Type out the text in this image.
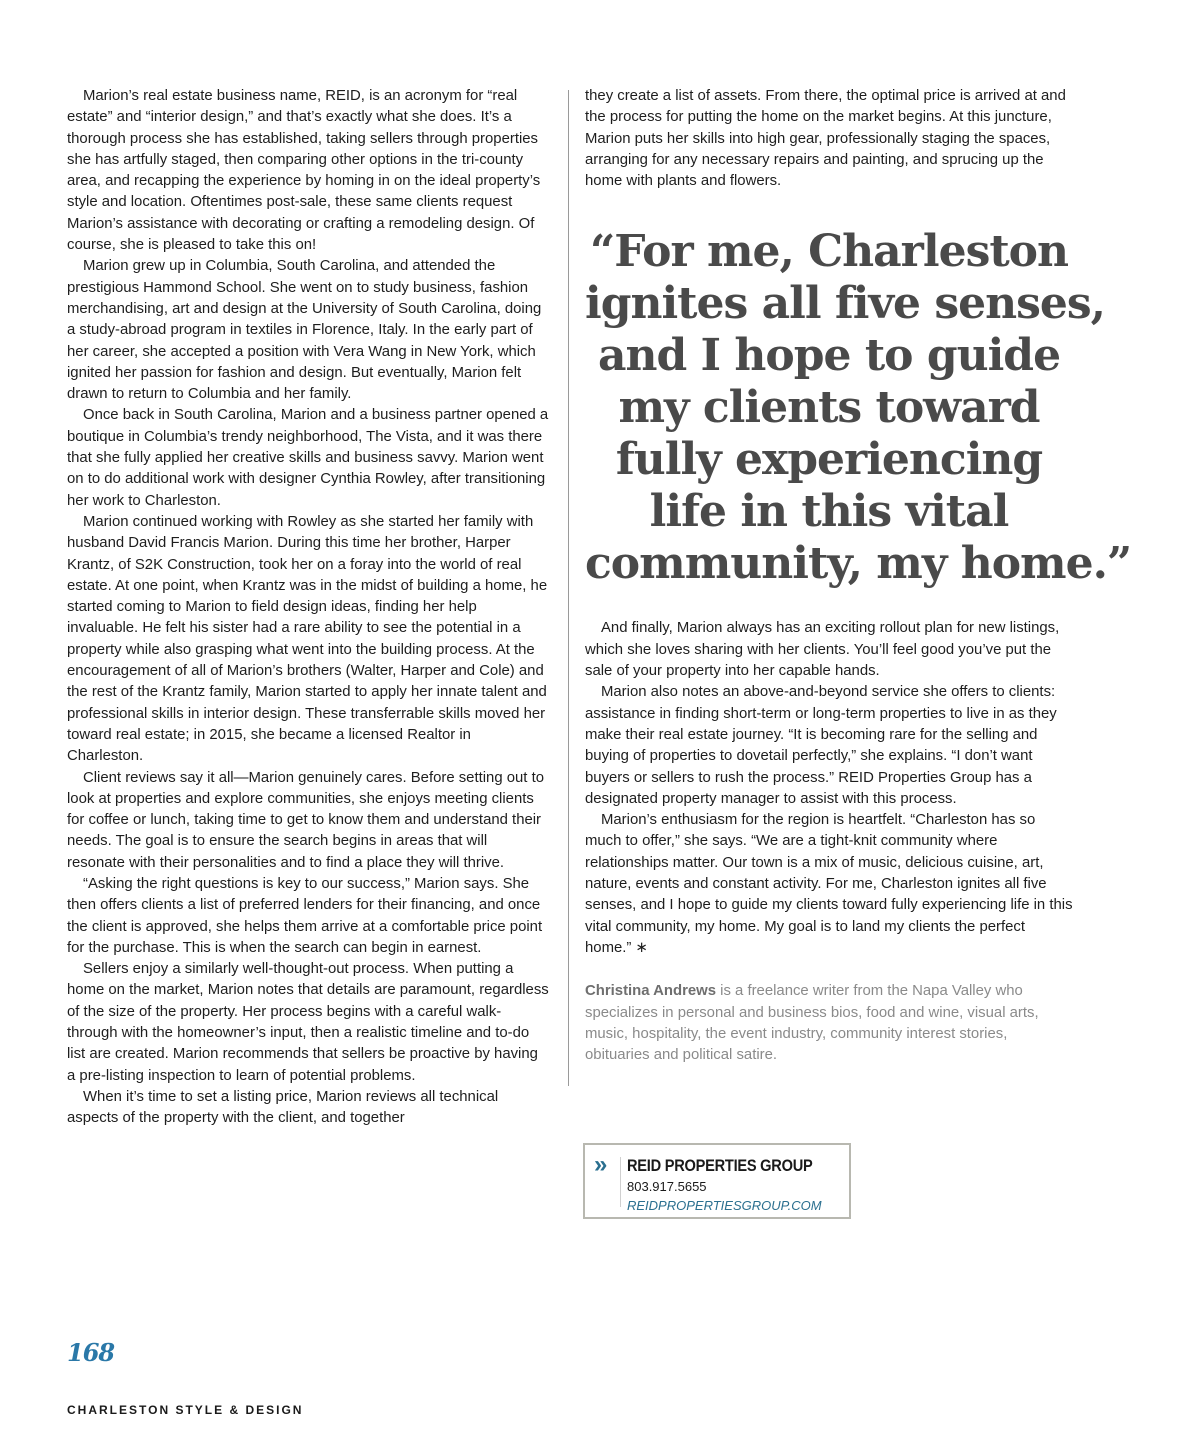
Marion’s real estate business name, REID, is an acronym for “real estate” and “interior design,” and that’s exactly what she does. It’s a thorough process she has established, taking sellers through properties she has artfully staged, then comparing other options in the tri-county area, and recapping the experience by homing in on the ideal property’s style and location. Oftentimes post-sale, these same clients request Marion’s assistance with decorating or crafting a remodeling design. Of course, she is pleased to take this on!

Marion grew up in Columbia, South Carolina, and attended the prestigious Hammond School. She went on to study business, fashion merchandising, art and design at the University of South Carolina, doing a study-abroad program in textiles in Florence, Italy. In the early part of her career, she accepted a position with Vera Wang in New York, which ignited her passion for fashion and design. But eventually, Marion felt drawn to return to Columbia and her family.

Once back in South Carolina, Marion and a business partner opened a boutique in Columbia’s trendy neighborhood, The Vista, and it was there that she fully applied her creative skills and business savvy. Marion went on to do additional work with designer Cynthia Rowley, after transitioning her work to Charleston.

Marion continued working with Rowley as she started her family with husband David Francis Marion. During this time her brother, Harper Krantz, of S2K Construction, took her on a foray into the world of real estate. At one point, when Krantz was in the midst of building a home, he started coming to Marion to field design ideas, finding her help invaluable. He felt his sister had a rare ability to see the potential in a property while also grasping what went into the building process. At the encouragement of all of Marion’s brothers (Walter, Harper and Cole) and the rest of the Krantz family, Marion started to apply her innate talent and professional skills in interior design. These transferrable skills moved her toward real estate; in 2015, she became a licensed Realtor in Charleston.

Client reviews say it all—Marion genuinely cares. Before setting out to look at properties and explore communities, she enjoys meeting clients for coffee or lunch, taking time to get to know them and understand their needs. The goal is to ensure the search begins in areas that will resonate with their personalities and to find a place they will thrive.

“Asking the right questions is key to our success,” Marion says. She then offers clients a list of preferred lenders for their financing, and once the client is approved, she helps them arrive at a comfortable price point for the purchase. This is when the search can begin in earnest.

Sellers enjoy a similarly well-thought-out process. When putting a home on the market, Marion notes that details are paramount, regardless of the size of the property. Her process begins with a careful walk-through with the homeowner’s input, then a realistic timeline and to-do list are created. Marion recommends that sellers be proactive by having a pre-listing inspection to learn of potential problems.

When it’s time to set a listing price, Marion reviews all technical aspects of the property with the client, and together

they create a list of assets. From there, the optimal price is arrived at and the process for putting the home on the market begins. At this juncture, Marion puts her skills into high gear, professionally staging the spaces, arranging for any necessary repairs and painting, and sprucing up the home with plants and flowers.

“For me, Charleston
ignites all five senses,
and I hope to guide
my clients toward
fully experiencing
life in this vital
community, my home.”

And finally, Marion always has an exciting rollout plan for new listings, which she loves sharing with her clients. You’ll feel good you’ve put the sale of your property into her capable hands.

Marion also notes an above-and-beyond service she offers to clients: assistance in finding short-term or long-term properties to live in as they make their real estate journey. “It is becoming rare for the selling and buying of properties to dovetail perfectly,” she explains. “I don’t want buyers or sellers to rush the process.” REID Properties Group has a designated property manager to assist with this process.

Marion’s enthusiasm for the region is heartfelt. “Charleston has so much to offer,” she says. “We are a tight-knit community where relationships matter. Our town is a mix of music, delicious cuisine, art, nature, events and constant activity. For me, Charleston ignites all five senses, and I hope to guide my clients toward fully experiencing life in this vital community, my home. My goal is to land my clients the perfect home.” ∗

Christina Andrews is a freelance writer from the Napa Valley who specializes in personal and business bios, food and wine, visual arts, music, hospitality, the event industry, community interest stories, obituaries and political satire.

» REID PROPERTIES GROUP
803.917.5655
REIDPROPERTIESGROUP.COM
168
CHARLESTON STYLE & DESIGN
